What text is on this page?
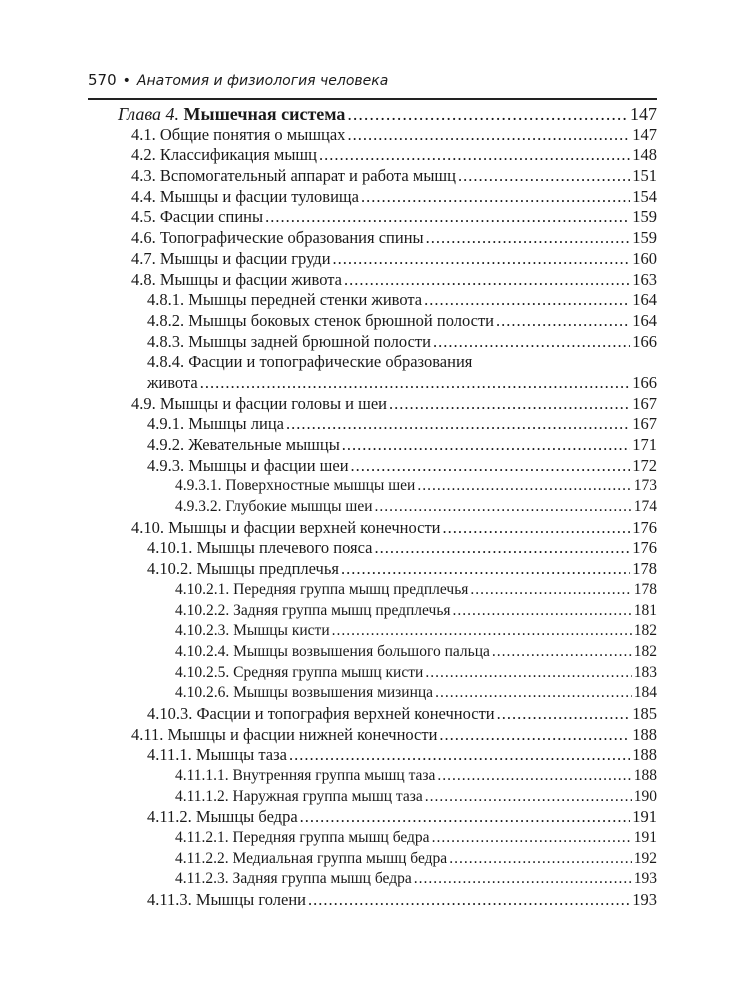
570 • Анатомия и физиология человека
Глава 4. Мышечная система .....	147
4.1. Общие понятия о мышцах .....	147
4.2. Классификация мышц .....	148
4.3. Вспомогательный аппарат и работа мышц .....	151
4.4. Мышцы и фасции туловища .....	154
4.5. Фасции спины .....	159
4.6. Топографические образования спины .....	159
4.7. Мышцы и фасции груди .....	160
4.8. Мышцы и фасции живота .....	163
4.8.1. Мышцы передней стенки живота .....	164
4.8.2. Мышцы боковых стенок брюшной полости .....	164
4.8.3. Мышцы задней брюшной полости .....	166
4.8.4. Фасции и топографические образования
живота .....	166
4.9. Мышцы и фасции головы и шеи .....	167
4.9.1. Мышцы лица .....	167
4.9.2. Жевательные мышцы .....	171
4.9.3. Мышцы и фасции шеи .....	172
4.9.3.1. Поверхностные мышцы шеи .....	173
4.9.3.2. Глубокие мышцы шеи .....	174
4.10. Мышцы и фасции верхней конечности .....	176
4.10.1. Мышцы плечевого пояса .....	176
4.10.2. Мышцы предплечья .....	178
4.10.2.1. Передняя группа мышц предплечья .....	178
4.10.2.2. Задняя группа мышц предплечья .....	181
4.10.2.3. Мышцы кисти .....	182
4.10.2.4. Мышцы возвышения большого пальца .....	182
4.10.2.5. Средняя группа мышц кисти .....	183
4.10.2.6. Мышцы возвышения мизинца .....	184
4.10.3. Фасции и топография верхней конечности .....	185
4.11. Мышцы и фасции нижней конечности .....	188
4.11.1. Мышцы таза .....	188
4.11.1.1. Внутренняя группа мышц таза .....	188
4.11.1.2. Наружная группа мышц таза .....	190
4.11.2. Мышцы бедра .....	191
4.11.2.1. Передняя группа мышц бедра .....	191
4.11.2.2. Медиальная группа мышц бедра .....	192
4.11.2.3. Задняя группа мышц бедра .....	193
4.11.3. Мышцы голени .....	193
